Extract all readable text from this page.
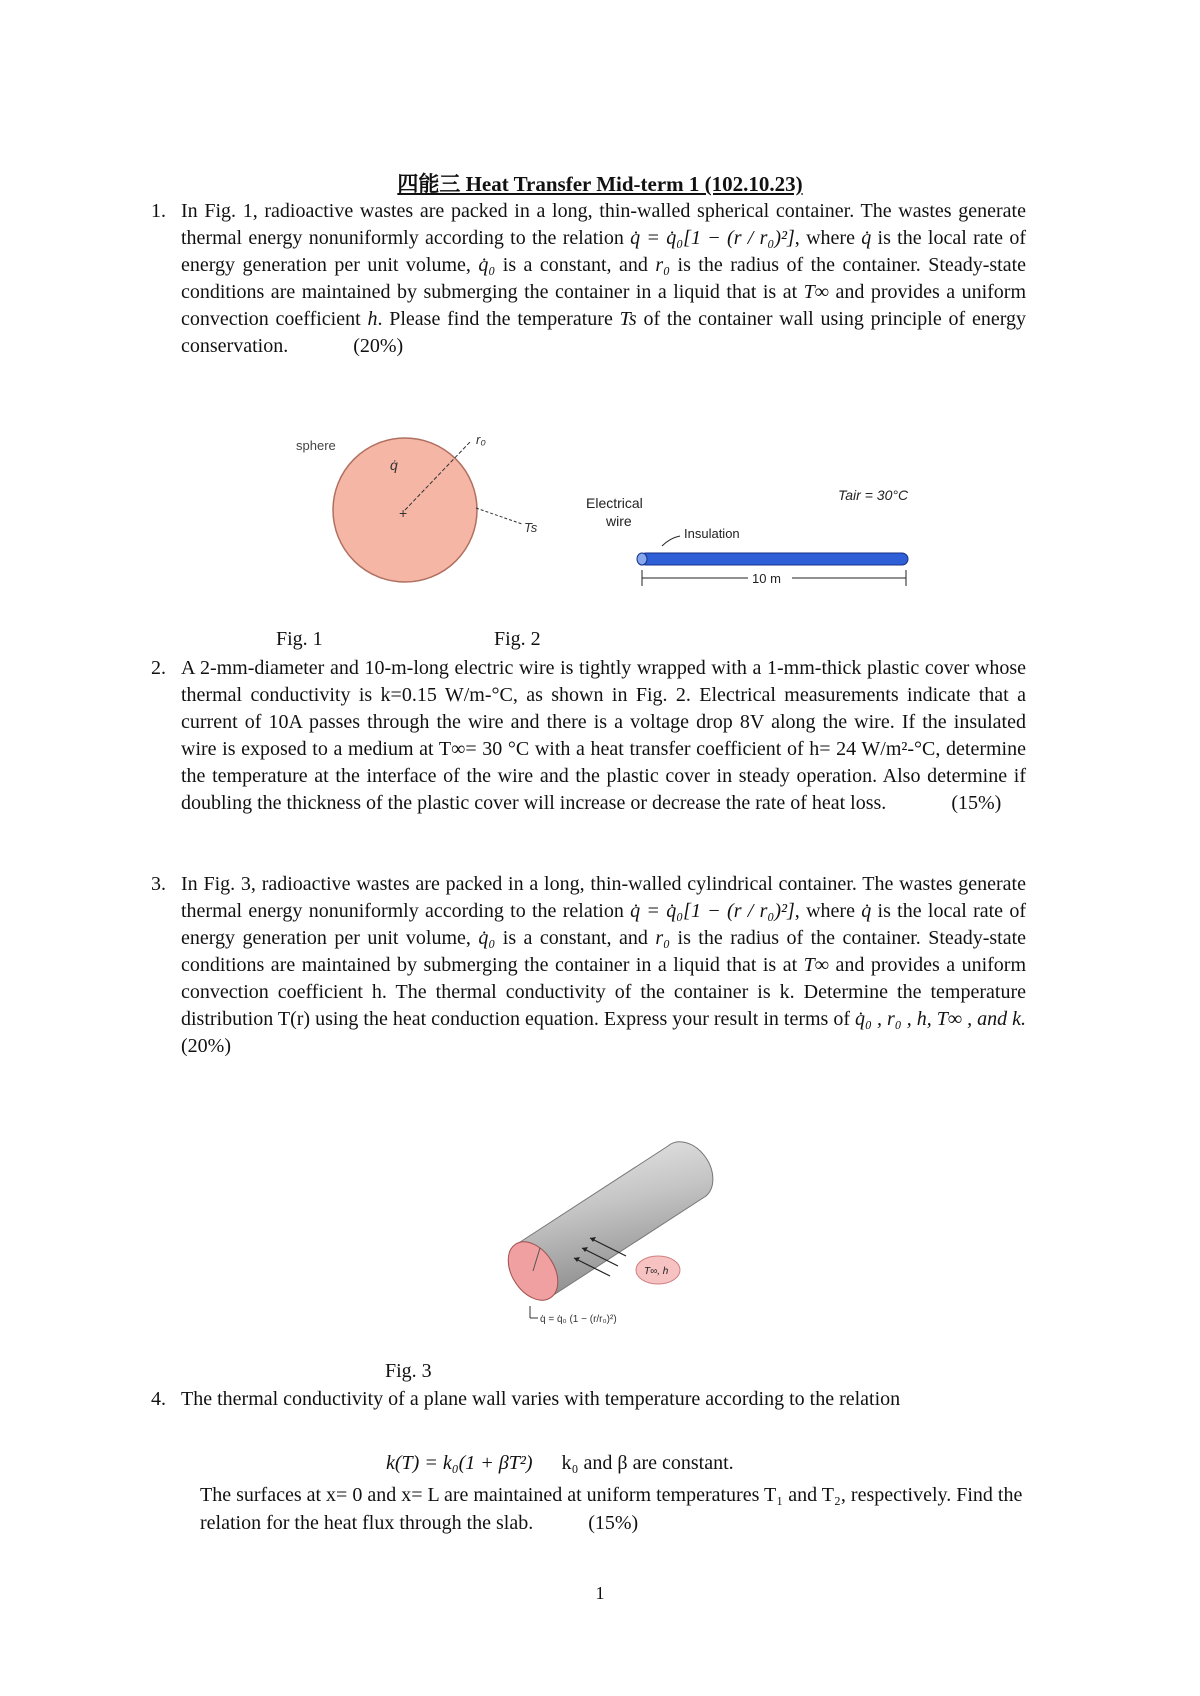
四能三 Heat Transfer Mid-term 1 (102.10.23)
1. In Fig. 1, radioactive wastes are packed in a long, thin-walled spherical container. The wastes generate thermal energy nonuniformly according to the relation q̇ = q̇₀[1 − (r / r₀)²], where q̇ is the local rate of energy generation per unit volume, q̇₀ is a constant, and r₀ is the radius of the container. Steady-state conditions are maintained by submerging the container in a liquid that is at T∞ and provides a uniform convection coefficient h. Please find the temperature Ts of the container wall using principle of energy conservation.	(20%)
sphere
q̇
+
r₀
Ts
Electrical
wire
Tair = 30°C
Insulation
10 m
Fig. 1	Fig. 2
2. A 2-mm-diameter and 10-m-long electric wire is tightly wrapped with a 1-mm-thick plastic cover whose thermal conductivity is k=0.15 W/m-°C, as shown in Fig. 2. Electrical measurements indicate that a current of 10A passes through the wire and there is a voltage drop 8V along the wire. If the insulated wire is exposed to a medium at T∞= 30 °C with a heat transfer coefficient of h= 24 W/m²-°C, determine the temperature at the interface of the wire and the plastic cover in steady operation. Also determine if doubling the thickness of the plastic cover will increase or decrease the rate of heat loss.	(15%)
3. In Fig. 3, radioactive wastes are packed in a long, thin-walled cylindrical container. The wastes generate thermal energy nonuniformly according to the relation q̇ = q̇₀[1 − (r / r₀)²], where q̇ is the local rate of energy generation per unit volume, q̇₀ is a constant, and r₀ is the radius of the container. Steady-state conditions are maintained by submerging the container in a liquid that is at T∞ and provides a uniform convection coefficient h. The thermal conductivity of the container is k. Determine the temperature distribution T(r) using the heat conduction equation. Express your result in terms of q̇₀ , r₀ , h, T∞ , and k. (20%)
T∞, h
q̇ = q̇₀ (1 − (r/r₀)²)
Fig. 3
4. The thermal conductivity of a plane wall varies with temperature according to the relation
k(T) = k₀(1 + βT²) k₀ and β are constant.
The surfaces at x= 0 and x= L are maintained at uniform temperatures T₁ and T₂, respectively. Find the relation for the heat flux through the slab.	(15%)
1
